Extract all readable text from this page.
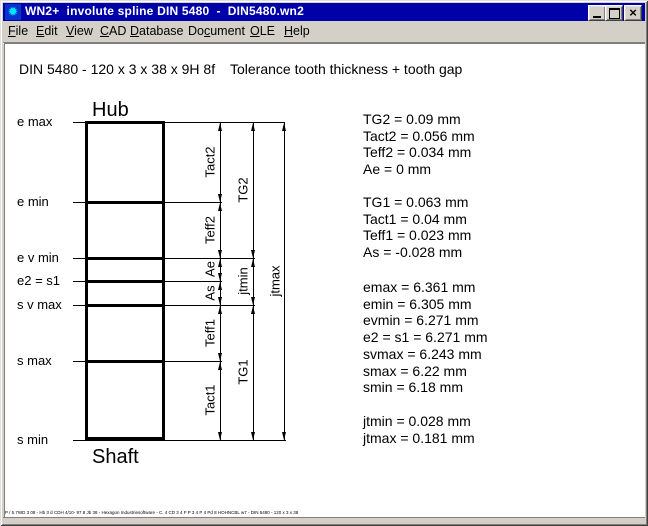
✹ WN2+  involute spline DIN 5480  -  DIN5480.wn2	×
File Edit View CAD Database Document OLE Help
DIN 5480 - 120 x 3 x 38 x 9H 8f Tolerance tooth thickness + tooth gap
Hub
Shaft
e max
e min
e v min
e2 = s1
s v max
s max
s min
Tact2
Teff2
Ae
As
Teff1
Tact1
TG2
jtmin
TG1
jtmax
TG2 = 0.09 mm
Tact2 = 0.056 mm
Teff2 = 0.034 mm
Ae = 0 mm
TG1 = 0.063 mm
Tact1 = 0.04 mm
Teff1 = 0.023 mm
As = -0.028 mm
emax = 6.361 mm
emin = 6.305 mm
evmin = 6.271 mm
e2 = s1 = 6.271 mm
svmax = 6.243 mm
smax = 6.22 mm
smin = 6.18 mm
jtmin = 0.028 mm
jtmax = 0.181 mm
P / 5.7WD 3 08 - Hb 3 d CDH 4/10- 97.8 Jb 38 - Hexagon Industriesoftware - C. 4 CD 3 4 F P 3 4 P 4 Pd 8 HOHNCBL w7 - DIN 5480 - 120 x 3 x 38
